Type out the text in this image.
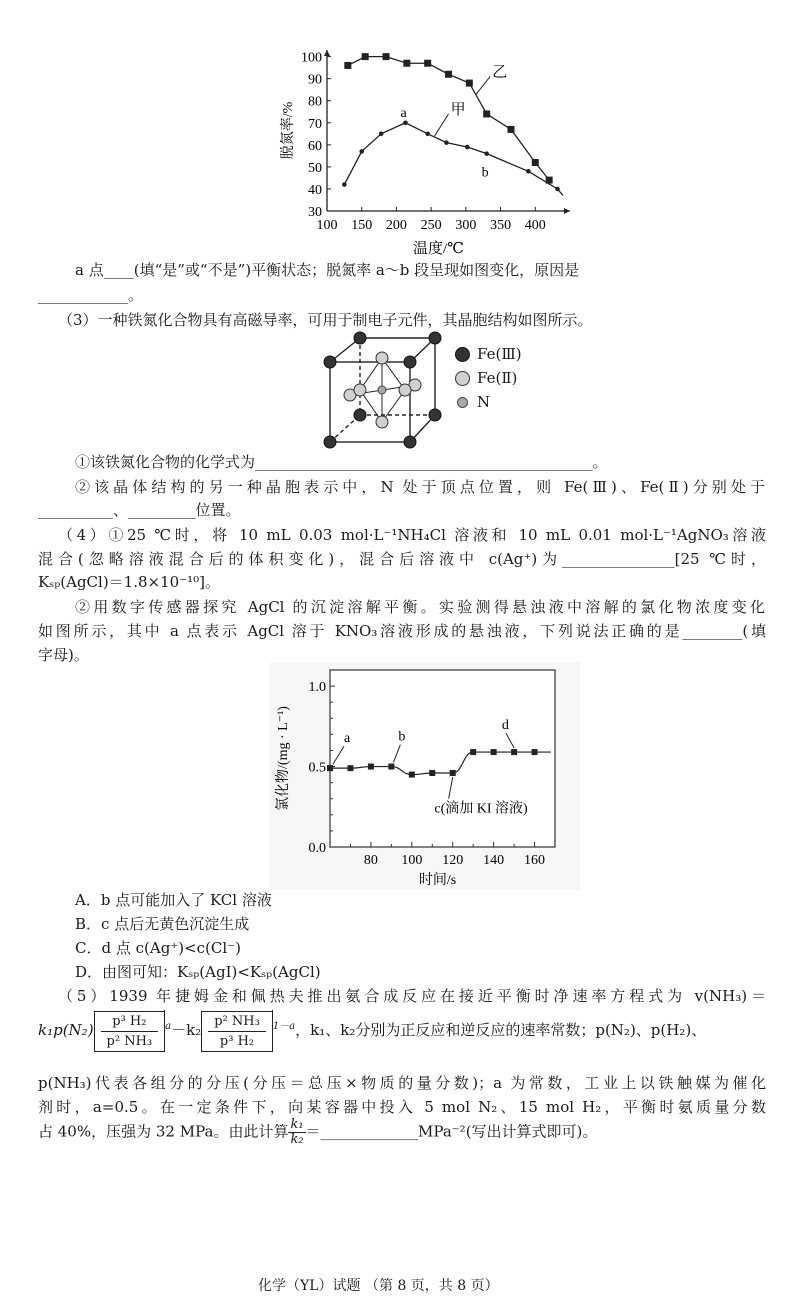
100 150 200 250 300 350 400
30
40
50
60
70
80
90
100
温度/℃
脱氮率/%	a
b
甲
乙
a 点____(填“是”或“不是”)平衡状态；脱氮率 a～b 段呈现如图变化，原因是
____________。
（3）一种铁氮化合物具有高磁导率，可用于制电子元件，其晶胞结构如图所示。
Fe(Ⅲ)
Fe(Ⅱ)
N
①该铁氮化合物的化学式为_____________________________________________。
②该晶体结构的另一种晶胞表示中，N 处于顶点位置，则 Fe(Ⅲ)、Fe(Ⅱ)分别处于
__________、_________位置。
（4）①25 ℃时，将 10 mL 0.03 mol·L⁻¹NH₄Cl 溶液和 10 mL 0.01 mol·L⁻¹AgNO₃溶液
混合(忽略溶液混合后的体积变化)，混合后溶液中 c(Ag⁺)为_______________[25 ℃时，
Kₛₚ(AgCl)＝1.8×10⁻¹⁰]。
②用数字传感器探究 AgCl 的沉淀溶解平衡。实验测得悬浊液中溶解的氯化物浓度变化
如图所示，其中 a 点表示 AgCl 溶于 KNO₃溶液形成的悬浊液，下列说法正确的是________(填
字母)。
80 100 120 140 160
0.0
0.5
1.0
时间/s
氯化物/(mg · L⁻¹)	a	b
c(滴加 KI 溶液)
d
A．b 点可能加入了 KCl 溶液
B．c 点后无黄色沉淀生成
C．d 点 c(Ag⁺)<c(Cl⁻)
D．由图可知：Kₛₚ(AgI)<Kₛₚ(AgCl)
（5）1939 年捷姆金和佩热夫推出氨合成反应在接近平衡时净速率方程式为 v(NH₃)＝
$k_1p(N_2) \frac{\text{p³ H₂}}{\text{p² NH₃}} ^a-k_2 \frac{\text{p² NH₃}}{\text{p³ H₂}} ^{1-a}$，k₁、k₂分别为正反应和逆反应的速率常数；p(N₂)、p(H₂)、
p(NH₃)代表各组分的分压(分压＝总压×物质的量分数)；a 为常数，工业上以铁触媒为催化
剂时，a=0.5。在一定条件下，向某容器中投入 5 mol N₂、15 mol H₂，平衡时氨质量分数
占 40%，压强为 32 MPa。由此计算 $\frac{\text{k₁}}{\text{k₂}}$ ＝_____________MPa⁻²(写出计算式即可)。
化学（YL）试题 （第 8 页，共 8 页）
